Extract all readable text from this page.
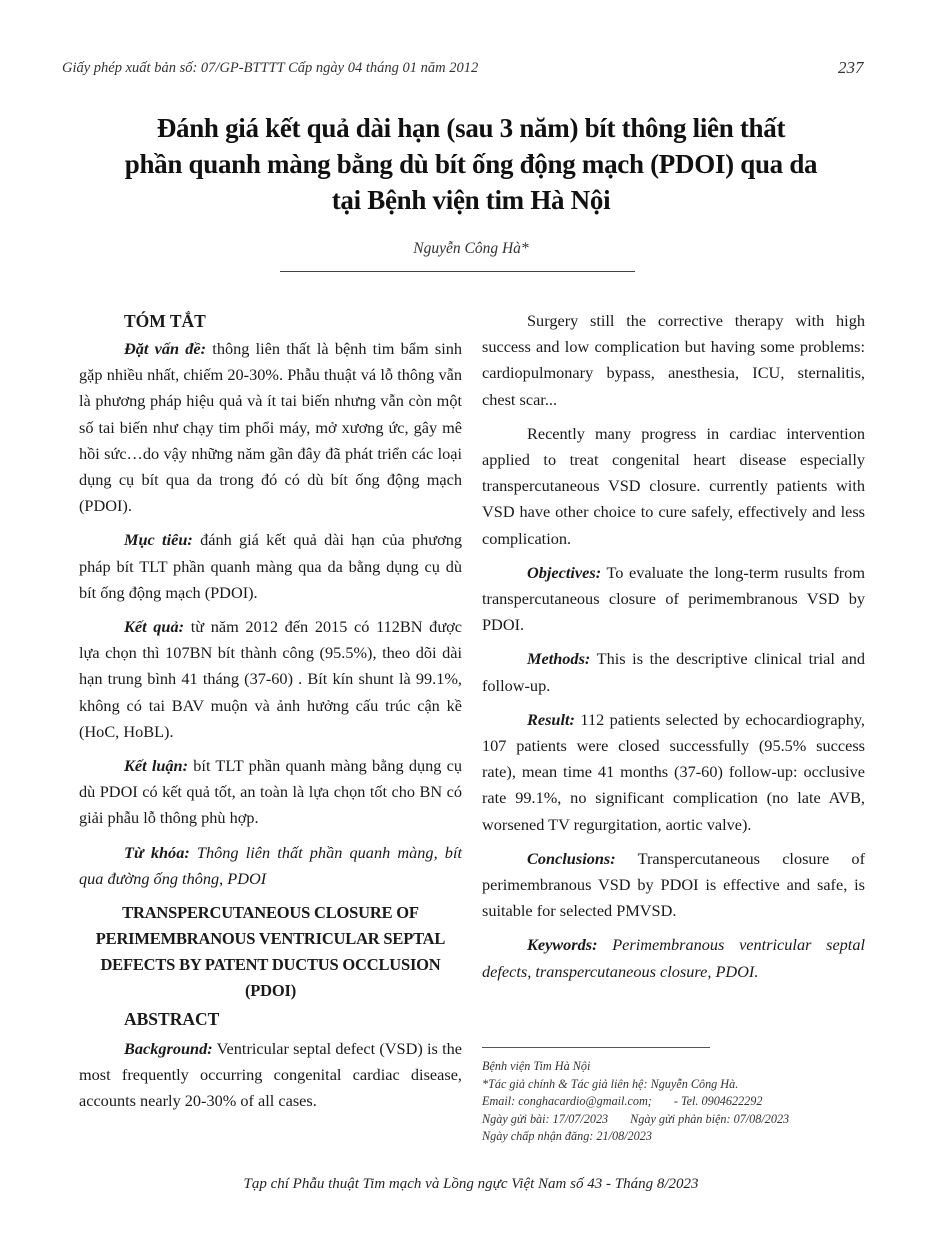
Giấy phép xuất bản số: 07/GP-BTTTT Cấp ngày 04 tháng 01 năm 2012	237
Đánh giá kết quả dài hạn (sau 3 năm) bít thông liên thất
phần quanh màng bằng dù bít ống động mạch (PDOI) qua da
tại Bệnh viện tim Hà Nội
Nguyễn Công Hà*
TÓM TẮT

Đặt vấn đề: thông liên thất là bệnh tim bẩm sinh gặp nhiều nhất, chiếm 20-30%. Phẫu thuật vá lỗ thông vẫn là phương pháp hiệu quả và ít tai biến nhưng vẫn còn một số tai biến như chạy tim phổi máy, mở xương ức, gây mê hồi sức…do vậy những năm gần đây đã phát triển các loại dụng cụ bít qua da trong đó có dù bít ống động mạch (PDOI).

Mục tiêu: đánh giá kết quả dài hạn của phương pháp bít TLT phần quanh màng qua da bằng dụng cụ dù bít ống động mạch (PDOI).

Kết quả: từ năm 2012 đến 2015 có 112BN được lựa chọn thì 107BN bít thành công (95.5%), theo dõi dài hạn trung bình 41 tháng (37-60) . Bít kín shunt là 99.1%, không có tai BAV muộn và ảnh hưởng cấu trúc cận kề (HoC, HoBL).

Kết luận: bít TLT phần quanh màng bằng dụng cụ dù PDOI có kết quả tốt, an toàn là lựa chọn tốt cho BN có giải phẫu lỗ thông phù hợp.

Từ khóa: Thông liên thất phần quanh màng, bít qua đường ống thông, PDOI

TRANSPERCUTANEOUS CLOSURE OF PERIMEMBRANOUS VENTRICULAR SEPTAL DEFECTS BY PATENT DUCTUS OCCLUSION (PDOI)
ABSTRACT

Background: Ventricular septal defect (VSD) is the most frequently occurring congenital cardiac disease, accounts nearly 20-30% of all cases.

Surgery still the corrective therapy with high success and low complication but having some problems: cardiopulmonary bypass, anesthesia, ICU, sternalitis, chest scar...

Recently many progress in cardiac intervention applied to treat congenital heart disease especially transpercutaneous VSD closure. currently patients with VSD have other choice to cure safely, effectively and less complication.

Objectives: To evaluate the long-term rusults from transpercutaneous closure of perimembranous VSD by PDOI.

Methods: This is the descriptive clinical trial and follow-up.

Result: 112 patients selected by echocardiography, 107 patients were closed successfully (95.5% success rate), mean time 41 months (37-60) follow-up: occlusive rate 99.1%, no significant complication (no late AVB, worsened TV regurgitation, aortic valve).

Conclusions: Transpercutaneous closure of perimembranous VSD by PDOI is effective and safe, is suitable for selected PMVSD.

Keywords: Perimembranous ventricular septal defects, transpercutaneous closure, PDOI.

Bệnh viện Tim Hà Nội
*Tác giả chính & Tác giả liên hệ: Nguyễn Công Hà.
Email: conghacardio@gmail.com; - Tel. 0904622292
Ngày gửi bài: 17/07/2023 Ngày gửi phản biện: 07/08/2023
Ngày chấp nhận đăng: 21/08/2023
Tạp chí Phẫu thuật Tim mạch và Lồng ngực Việt Nam số 43 - Tháng 8/2023
